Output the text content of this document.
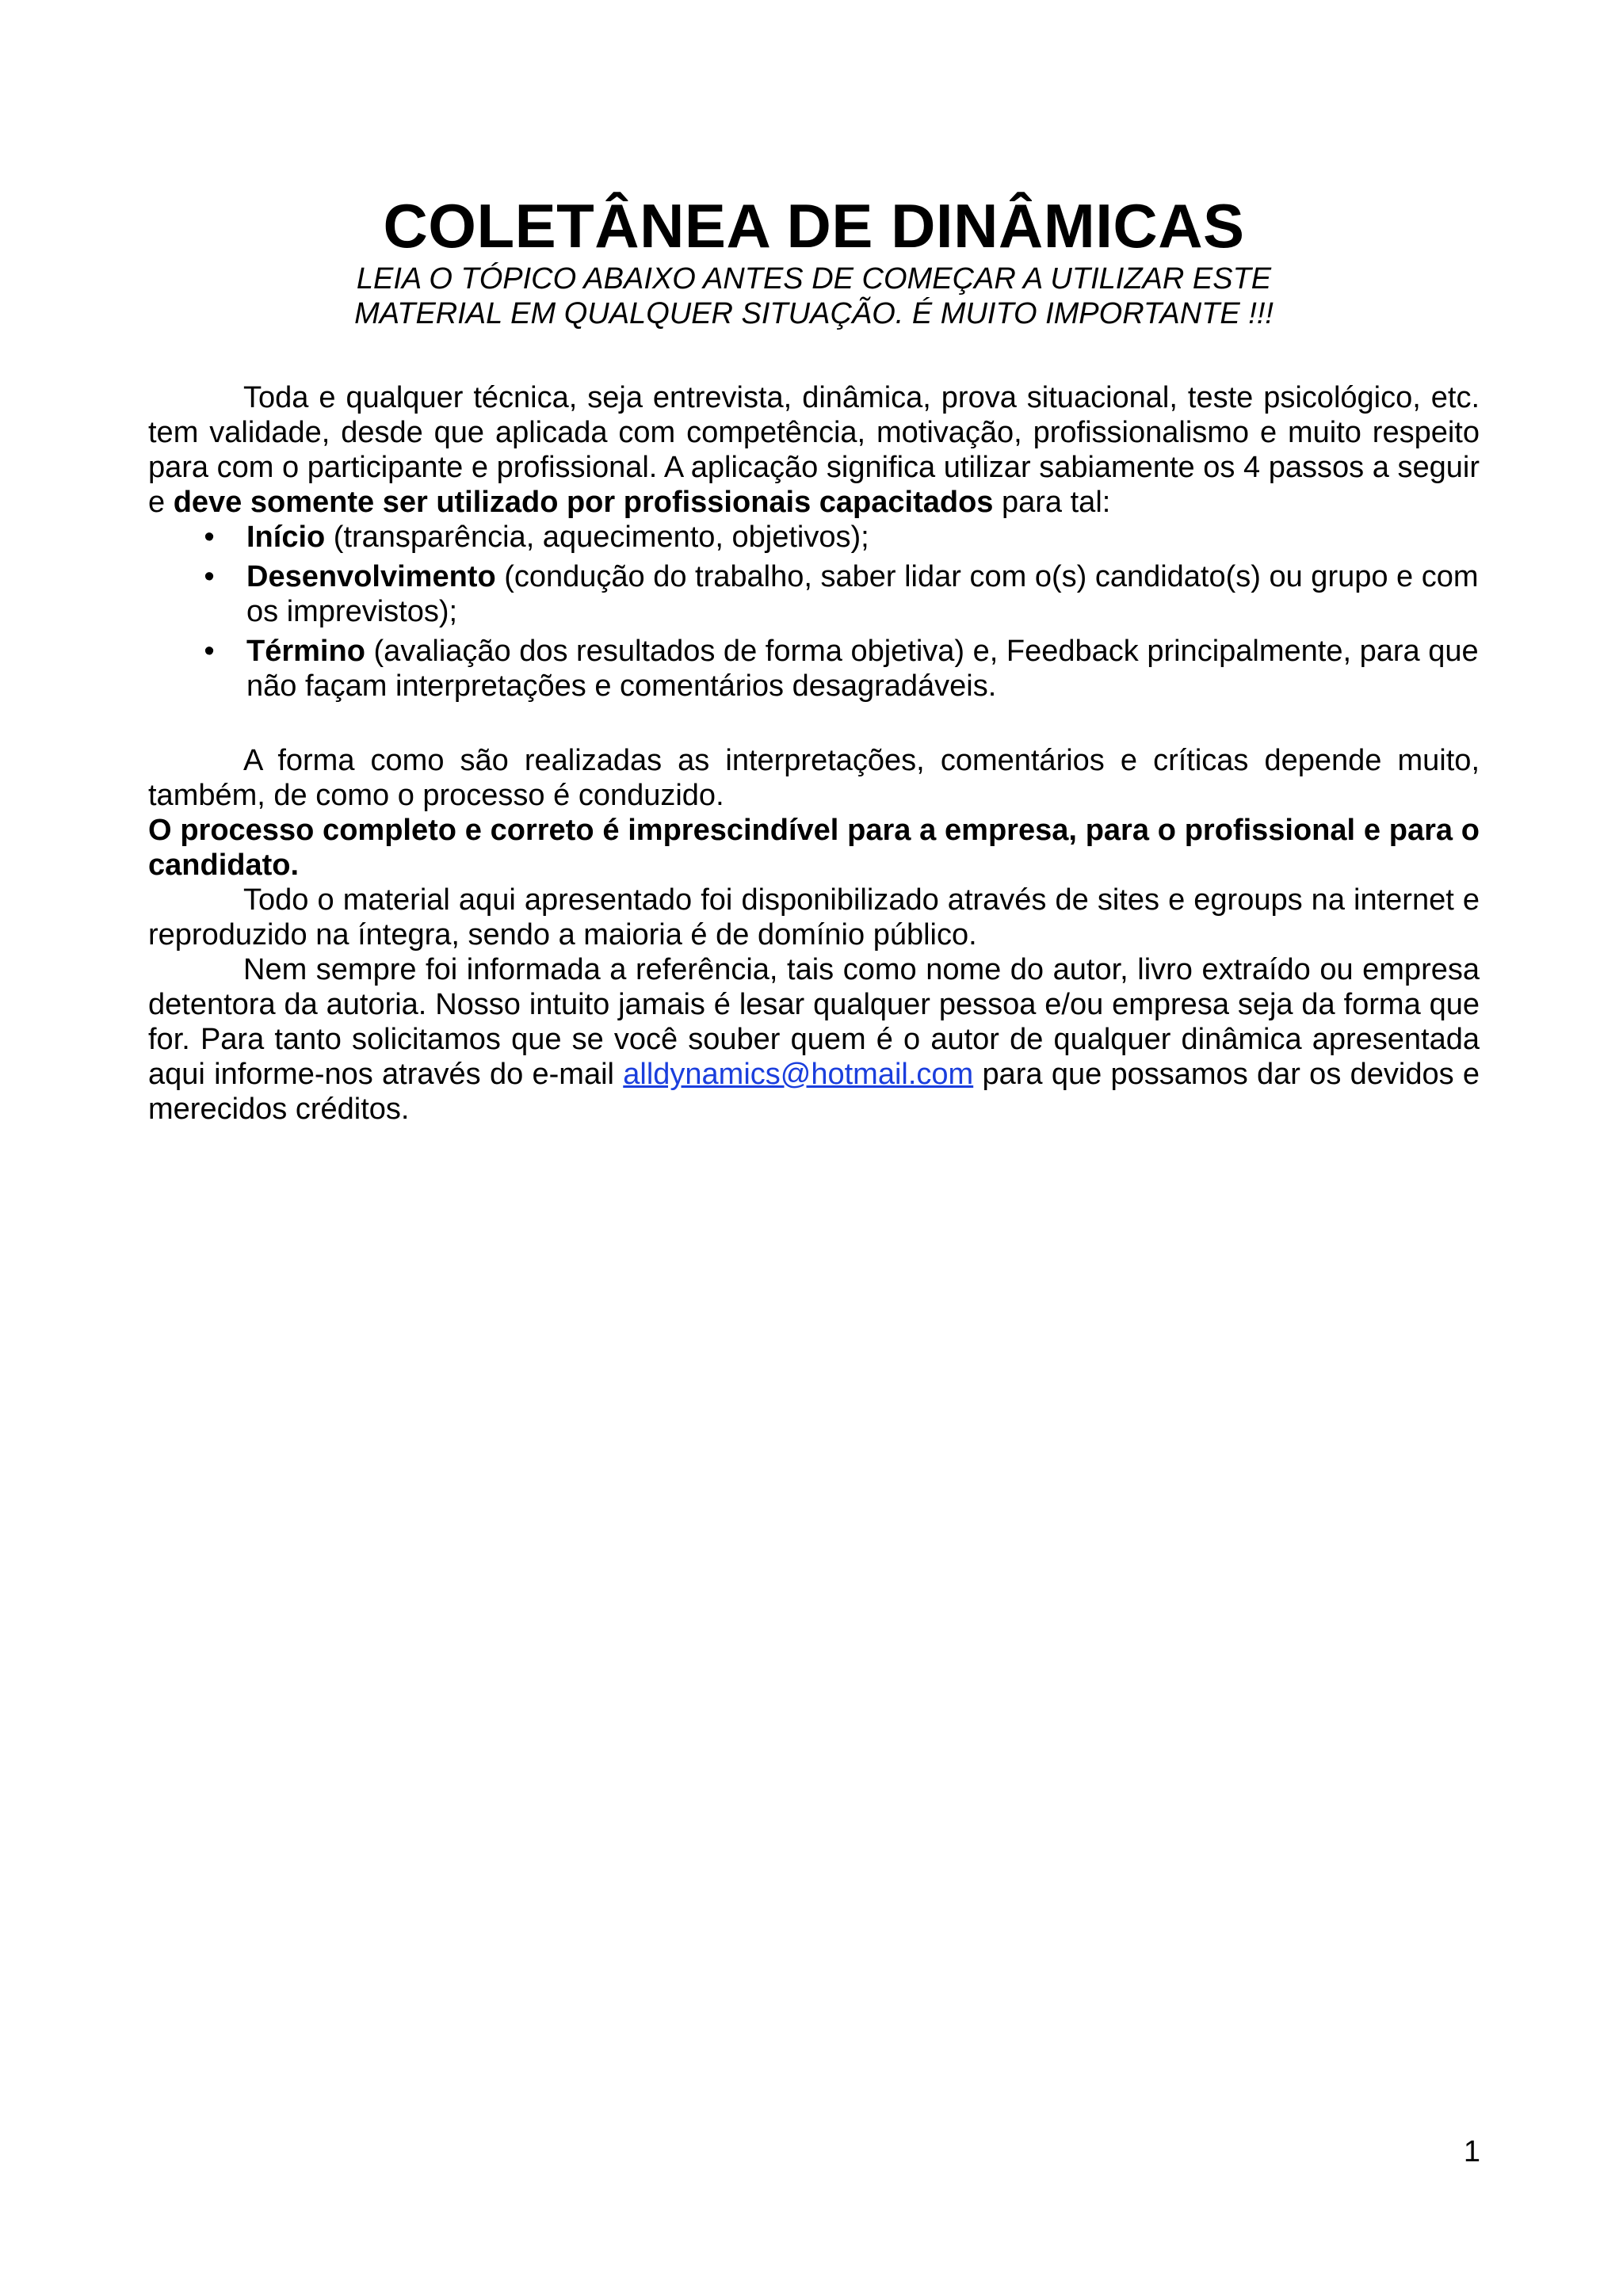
COLETÂNEA DE DINÂMICAS

LEIA O TÓPICO ABAIXO ANTES DE COMEÇAR A UTILIZAR ESTE

MATERIAL EM QUALQUER SITUAÇÃO. É MUITO IMPORTANTE !!!

Toda e qualquer técnica, seja entrevista, dinâmica, prova situacional, teste psicológico, etc. tem validade, desde que aplicada com competência, motivação, profissionalismo e muito respeito para com o participante e profissional. A aplicação significa utilizar sabiamente os 4 passos a seguir e deve somente ser utilizado por profissionais capacitados para tal:

• Início (transparência, aquecimento, objetivos);
• Desenvolvimento (condução do trabalho, saber lidar com o(s) candidato(s) ou grupo e com os imprevistos);
• Término (avaliação dos resultados de forma objetiva) e, Feedback principalmente, para que não façam interpretações e comentários desagradáveis.

A forma como são realizadas as interpretações, comentários e críticas depende muito, também, de como o processo é conduzido.

O processo completo e correto é imprescindível para a empresa, para o profissional e para o candidato.

Todo o material aqui apresentado foi disponibilizado através de sites e egroups na internet e reproduzido na íntegra, sendo a maioria é de domínio público.

Nem sempre foi informada a referência, tais como nome do autor, livro extraído ou empresa detentora da autoria. Nosso intuito jamais é lesar qualquer pessoa e/ou empresa seja da forma que for. Para tanto solicitamos que se você souber quem é o autor de qualquer dinâmica apresentada aqui informe-nos através do e-mail alldynamics@hotmail.com para que possamos dar os devidos e merecidos créditos.

1
